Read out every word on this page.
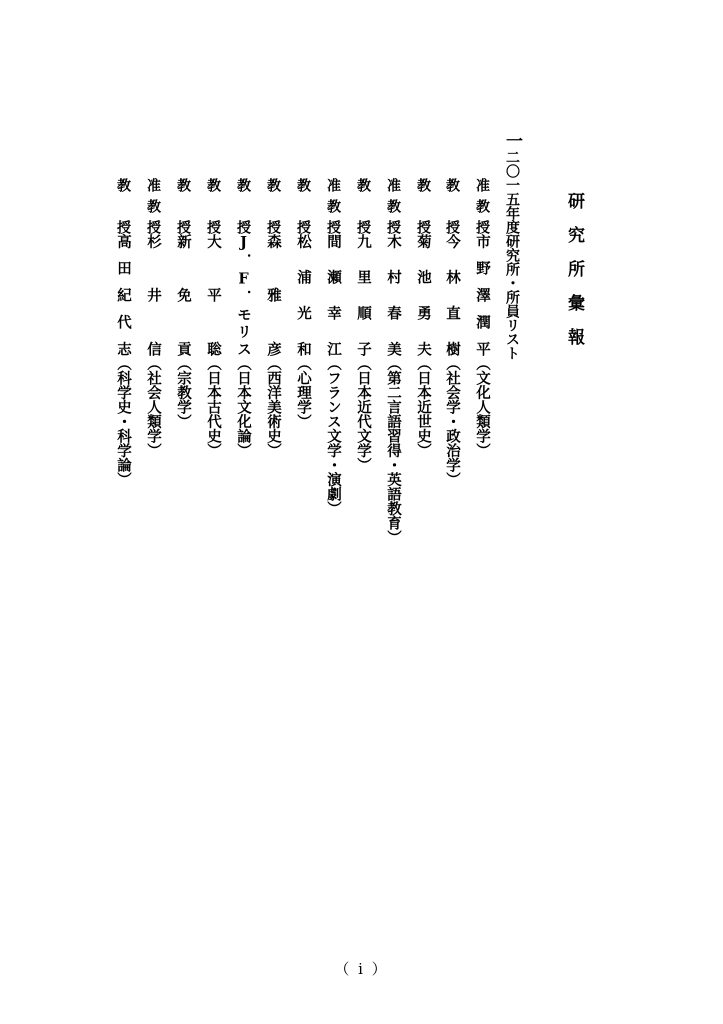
研究所彙報
一二〇一五年度研究所・所員リスト
准教授市野澤潤平（文化人類学）
教授今林直樹（社会学・政治学）
教授菊池勇夫（日本近世史）
准教授木村春美（第二言語習得・英語教育）
教授九里順子（日本近代文学）
准教授間瀬幸江（フランス文学・演劇）
教授松浦光和（心理学）
教授森雅彦（西洋美術史）
教授J．F．モリス（日本文化論）
教授大平聡（日本古代史）
教授新免貢（宗教学）
准教授杉井信（社会人類学）
教授高田紀代志（科学史・科学論）
（ i ）
